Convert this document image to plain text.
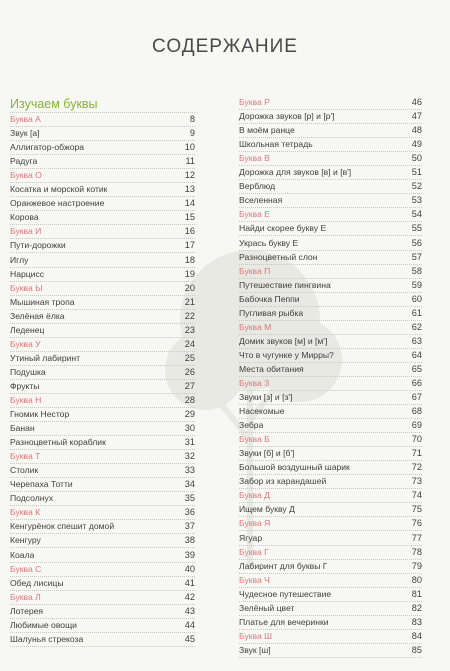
СОДЕРЖАНИЕ
Изучаем буквы
Буква А	8
Звук [а]	9
Аллигатор-обжора	10
Радуга	11
Буква О	12
Косатка и морской котик	13
Оранжевое настроение	14
Корова	15
Буква И	16
Пути-дорожки	17
Иглу	18
Нарцисс	19
Буква Ы	20
Мышиная тропа	21
Зелёная ёлка	22
Леденец	23
Буква У	24
Утиный лабиринт	25
Подушка	26
Фрукты	27
Буква Н	28
Гномик Нестор	29
Банан	30
Разноцветный кораблик	31
Буква Т	32
Столик	33
Черепаха Тотти	34
Подсолнух	35
Буква К	36
Кенгурёнок спешит домой	37
Кенгуру	38
Коала	39
Буква С	40
Обед лисицы	41
Буква Л	42
Лотерея	43
Любимые овощи	44
Шалунья стрекоза	45
Буква Р	46
Дорожка звуков [р] и [р']	47
В моём ранце	48
Школьная тетрадь	49
Буква В	50
Дорожка для звуков [в] и [в']	51
Верблюд	52
Вселенная	53
Буква Е	54
Найди скорее букву Е	55
Укрась букву Е	56
Разноцветный слон	57
Буква П	58
Путешествие пингвина	59
Бабочка Пеппи	60
Пугливая рыбка	61
Буква М	62
Домик звуков [м] и [м']	63
Что в чугунке у Мирры?	64
Места обитания	65
Буква З	66
Звуки [з] и [з']	67
Насекомые	68
Зебра	69
Буква Б	70
Звуки [б] и [б']	71
Большой воздушный шарик	72
Забор из карандашей	73
Буква Д	74
Ищем букву Д	75
Буква Я	76
Ягуар	77
Буква Г	78
Лабиринт для буквы Г	79
Буква Ч	80
Чудесное путешествие	81
Зелёный цвет	82
Платье для вечеринки	83
Буква Ш	84
Звук [ш]	85
